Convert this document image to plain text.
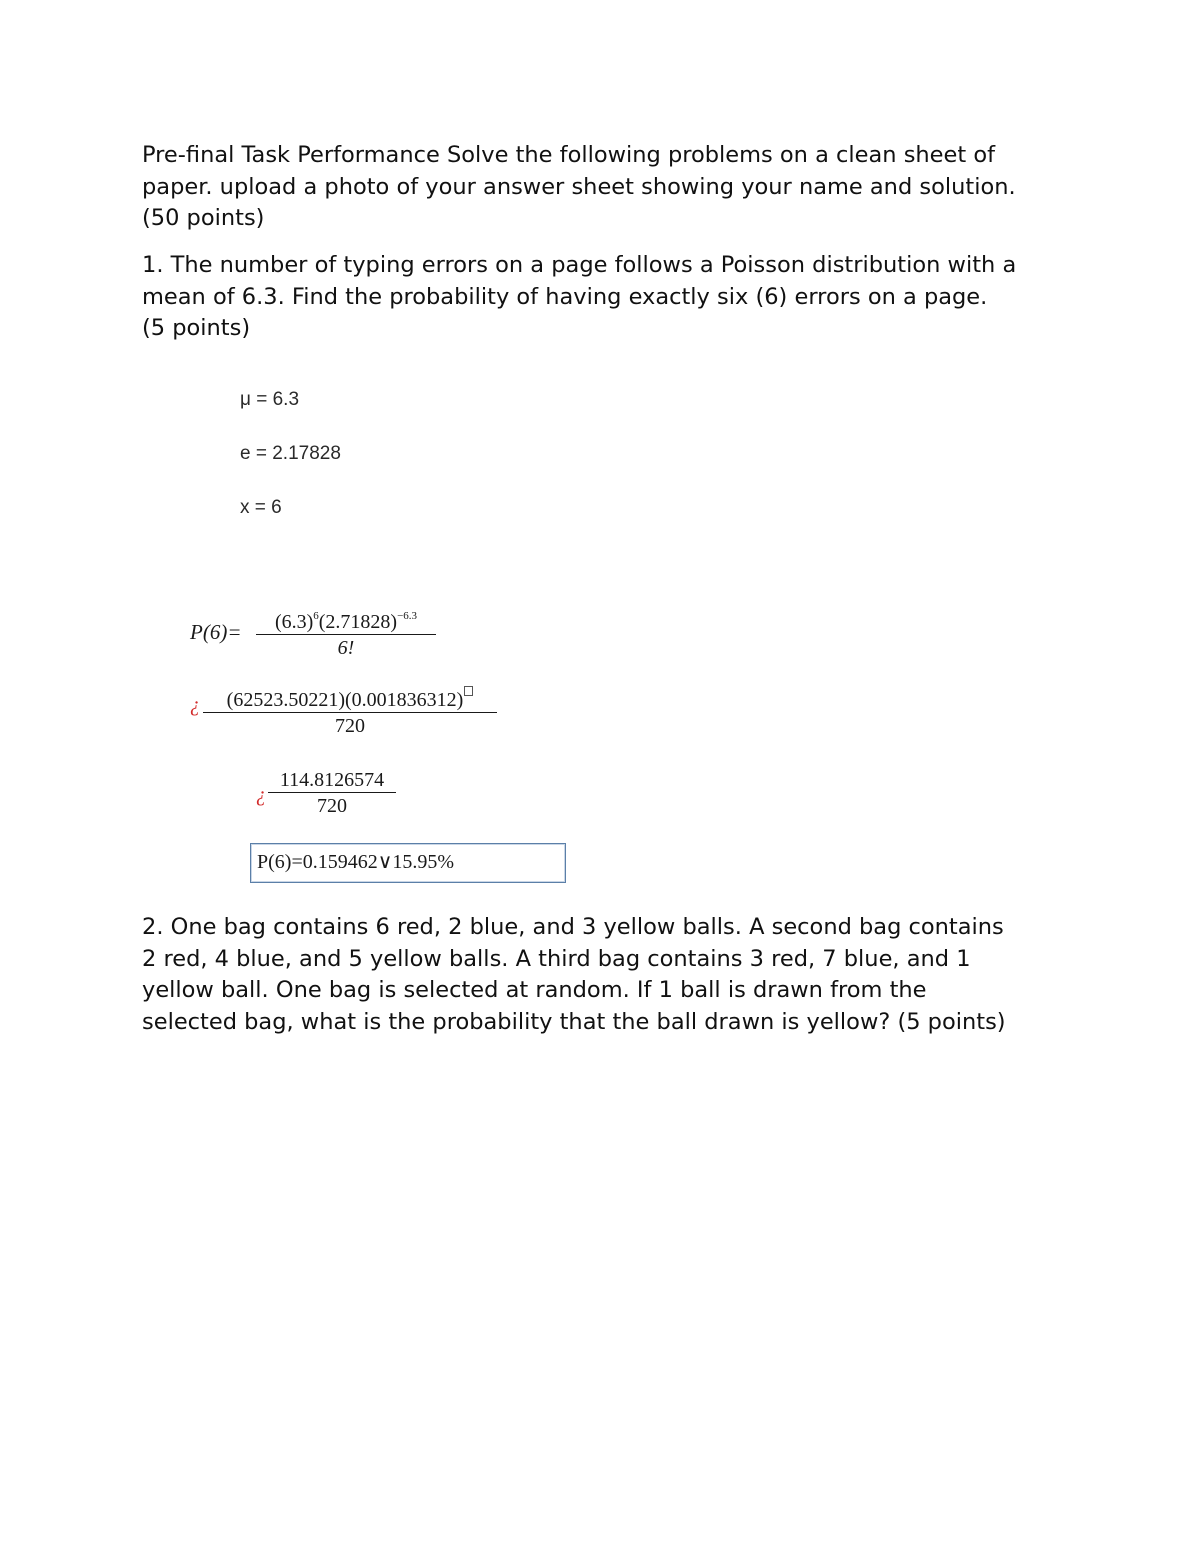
Pre-final Task Performance Solve the following problems on a clean sheet of
paper. upload a photo of your answer sheet showing your name and solution.
(50 points)
1. The number of typing errors on a page follows a Poisson distribution with a
mean of 6.3. Find the probability of having exactly six (6) errors on a page.
(5 points)
μ = 6.3
e = 2.17828
x = 6
P(6)=	$(6.3)^6(2.71828)^{-6.3}$
6!
¿	(62523.50221)(0.001836312)
720
¿
114.8126574
720
P(6)=0.159462∨15.95%
2. One bag contains 6 red, 2 blue, and 3 yellow balls. A second bag contains
2 red, 4 blue, and 5 yellow balls. A third bag contains 3 red, 7 blue, and 1
yellow ball. One bag is selected at random. If 1 ball is drawn from the
selected bag, what is the probability that the ball drawn is yellow? (5 points)
